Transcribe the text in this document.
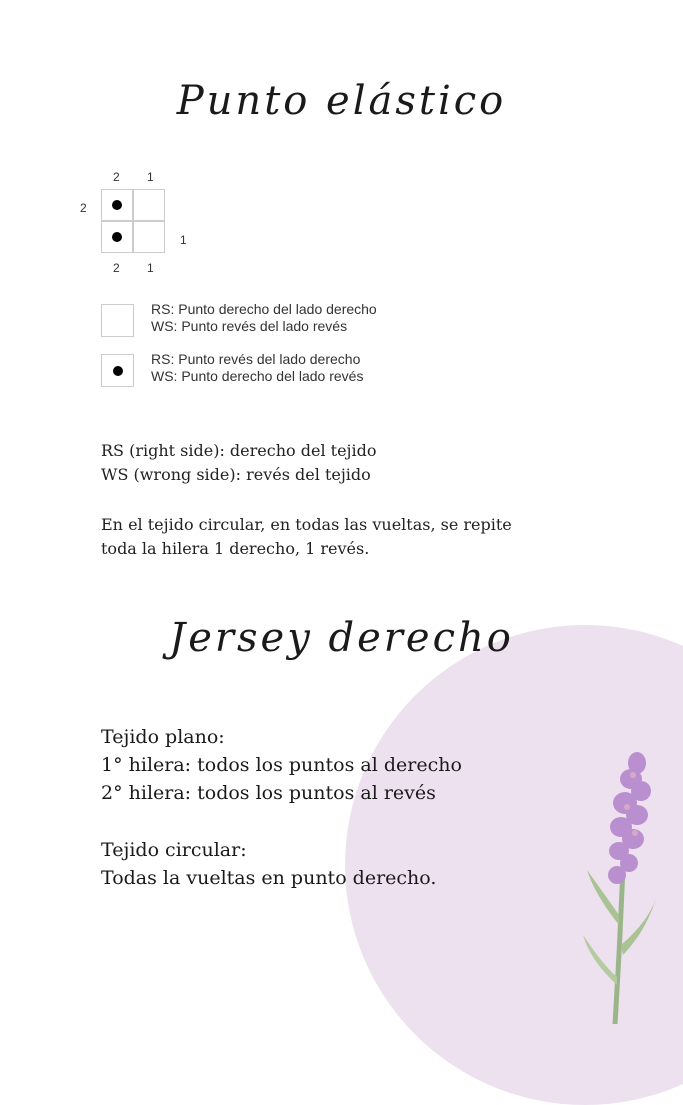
Punto elástico
2 1
2
1
2 1
RS: Punto derecho del lado derecho
WS: Punto revés del lado revés
RS: Punto revés del lado derecho
WS: Punto derecho del lado revés
RS (right side): derecho del tejido
WS (wrong side): revés del tejido
En el tejido circular, en todas las vueltas, se repite
toda la hilera 1 derecho, 1 revés.
Jersey derecho
Tejido plano:
1° hilera: todos los puntos al derecho
2° hilera: todos los puntos al revés
Tejido circular:
Todas la vueltas en punto derecho.
